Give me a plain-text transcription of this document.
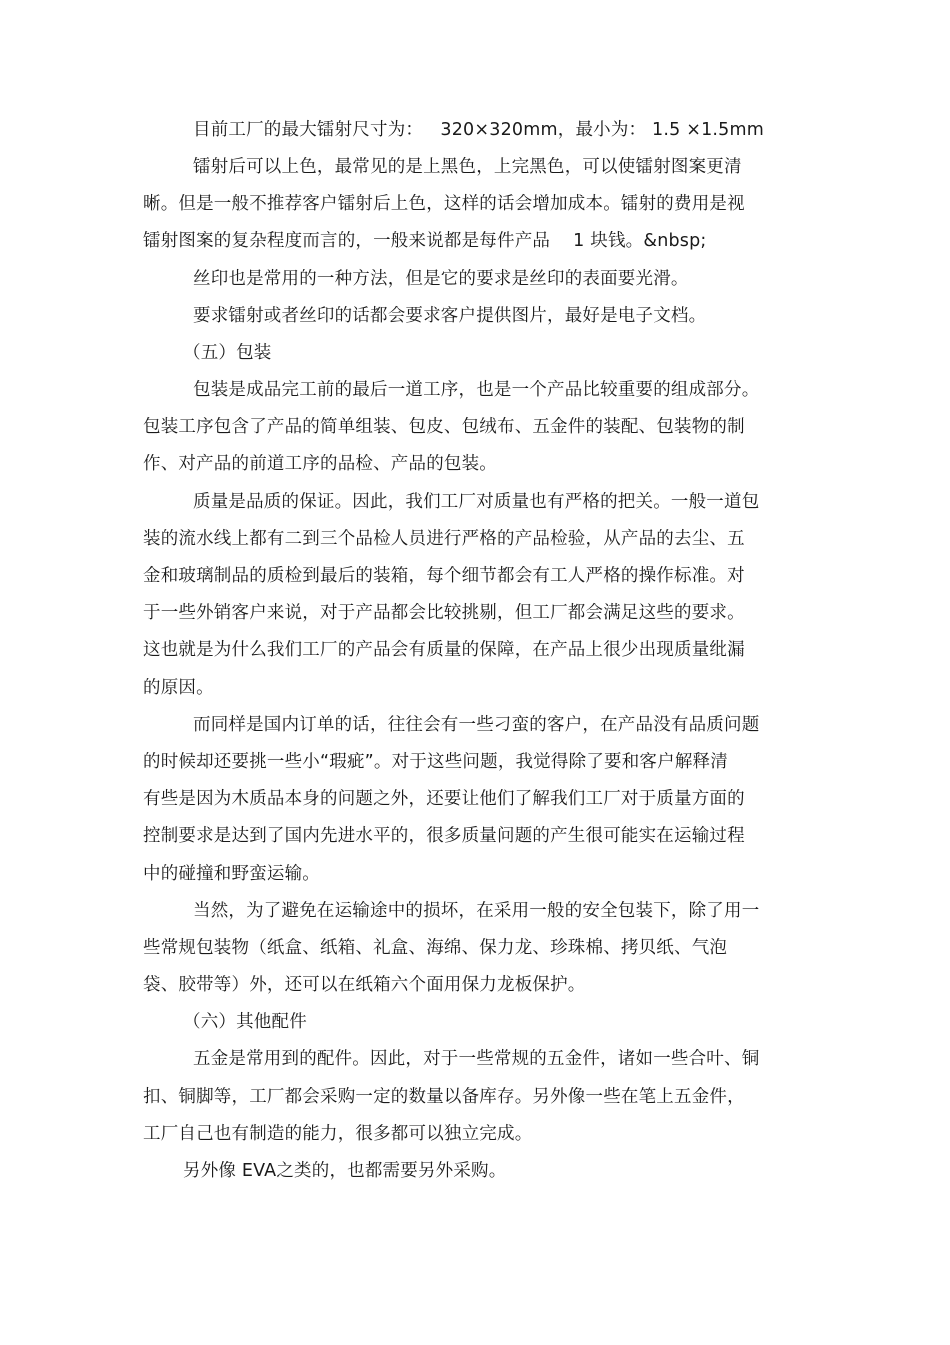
目前工厂的最大镭射尺寸为：   320×320mm，最小为： 1.5 ×1.5mm

镭射后可以上色，最常见的是上黑色，上完黑色，可以使镭射图案更清

晰。但是一般不推荐客户镭射后上色，这样的话会增加成本。镭射的费用是视

镭射图案的复杂程度而言的，一般来说都是每件产品    1 块钱。&nbsp;

丝印也是常用的一种方法，但是它的要求是丝印的表面要光滑。

要求镭射或者丝印的话都会要求客户提供图片，最好是电子文档。

（五）包装

包装是成品完工前的最后一道工序，也是一个产品比较重要的组成部分。

包装工序包含了产品的简单组装、包皮、包绒布、五金件的装配、包装物的制

作、对产品的前道工序的品检、产品的包装。

质量是品质的保证。因此，我们工厂对质量也有严格的把关。一般一道包

装的流水线上都有二到三个品检人员进行严格的产品检验，从产品的去尘、五

金和玻璃制品的质检到最后的装箱，每个细节都会有工人严格的操作标准。对

于一些外销客户来说，对于产品都会比较挑剔，但工厂都会满足这些的要求。

这也就是为什么我们工厂的产品会有质量的保障，在产品上很少出现质量纰漏

的原因。

而同样是国内订单的话，往往会有一些刁蛮的客户，在产品没有品质问题

的时候却还要挑一些小“瑕疵”。对于这些问题，我觉得除了要和客户解释清

有些是因为木质品本身的问题之外，还要让他们了解我们工厂对于质量方面的

控制要求是达到了国内先进水平的，很多质量问题的产生很可能实在运输过程

中的碰撞和野蛮运输。

当然，为了避免在运输途中的损坏，在采用一般的安全包装下，除了用一

些常规包装物（纸盒、纸箱、礼盒、海绵、保力龙、珍珠棉、拷贝纸、气泡

袋、胶带等）外，还可以在纸箱六个面用保力龙板保护。

（六）其他配件

五金是常用到的配件。因此，对于一些常规的五金件，诸如一些合叶、铜

扣、铜脚等，工厂都会采购一定的数量以备库存。另外像一些在笔上五金件，

工厂自己也有制造的能力，很多都可以独立完成。

另外像 EVA之类的，也都需要另外采购。
